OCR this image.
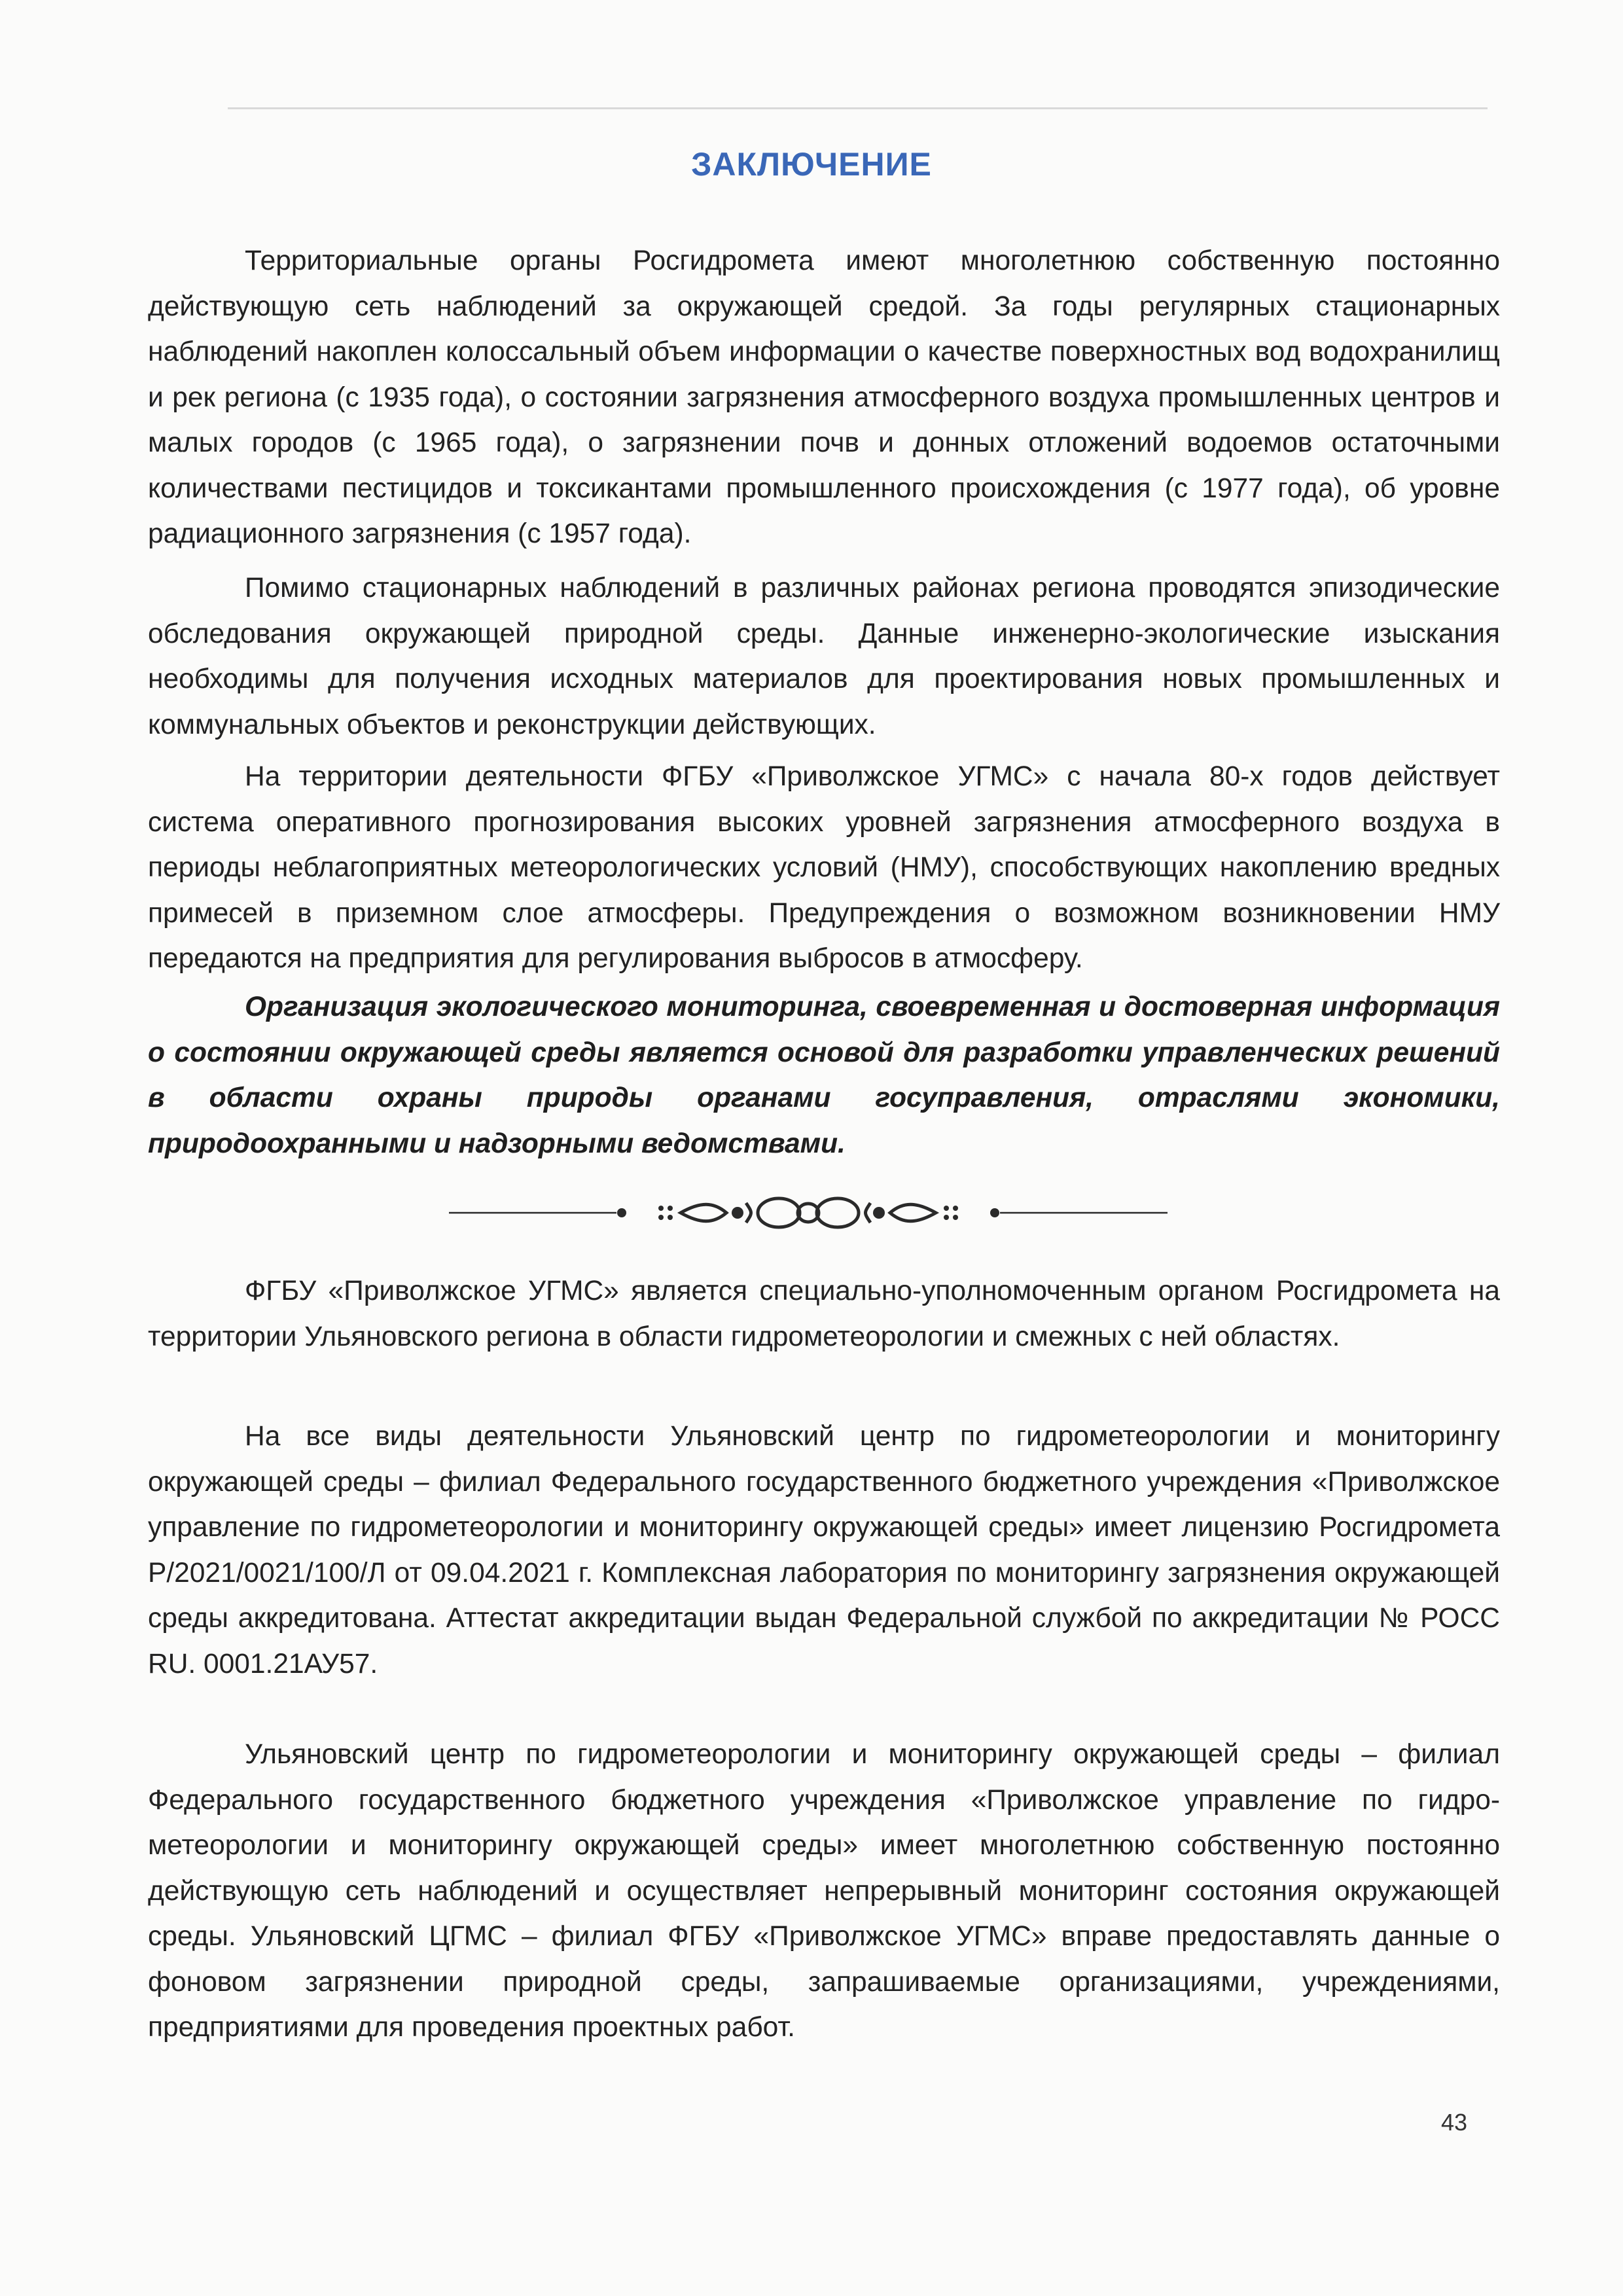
ЗАКЛЮЧЕНИЕ

Территориальные органы Росгидромета имеют многолетнюю собственную постоянно действующую сеть наблюдений за окружающей средой. За годы регулярных стационарных наблюдений накоплен колоссальный объем информации о качестве поверхностных вод водохранилищ и рек региона (с 1935 года), о состоянии загрязнения атмосферного воздуха промышленных центров и малых городов (с 1965 года), о загрязнении почв и донных отложений водоемов остаточными количествами пестицидов и токсикантами промышленного происхождения (с 1977 года), об уровне радиационного загрязнения (с 1957 года).

Помимо стационарных наблюдений в различных районах региона проводятся эпизодические обследования окружающей природной среды. Данные инженерно-экологические изыскания необходимы для получения исходных материалов для проектирования новых промышленных и коммунальных объектов и реконструкции действующих.

На территории деятельности ФГБУ «Приволжское УГМС» с начала 80-х годов действует система оперативного прогнозирования высоких уровней загрязнения атмосферного воздуха в периоды неблагоприятных метеорологических условий (НМУ), способствующих накоплению вредных примесей в приземном слое атмосферы. Предупреждения о возможном возникновении НМУ передаются на предприятия для регулирования выбросов в атмосферу.

Организация экологического мониторинга, своевременная и достоверная информация о состоянии окружающей среды является основой для разработки управленческих решений в области охраны природы органами госуправления, отраслями экономики, природоохранными и надзорными ведомствами.

ФГБУ «Приволжское УГМС» является специально-уполномоченным органом Росгидромета на территории Ульяновского региона в области гидрометеорологии и смежных с ней областях.

На все виды деятельности Ульяновский центр по гидрометеорологии и мониторингу окружающей среды – филиал Федерального государственного бюджетного учреждения «Приволжское управление по гидрометеорологии и мониторингу окружающей среды» имеет лицензию Росгидромета Р/2021/0021/100/Л от 09.04.2021 г. Комплексная лаборатория по мониторингу загрязнения окружающей среды аккредитована. Аттестат аккредитации выдан Федеральной службой по аккредитации № РОСС RU. 0001.21АУ57.

Ульяновский центр по гидрометеорологии и мониторингу окружающей среды – филиал Федерального государственного бюджетного учреждения «Приволжское управление по гидрометеорологии и мониторингу окружающей среды» имеет многолетнюю собственную постоянно действующую сеть наблюдений и осуществляет непрерывный мониторинг состояния окружающей среды. Ульяновский ЦГМС – филиал ФГБУ «Приволжское УГМС» вправе предоставлять данные о фоновом загрязнении природной среды, запрашиваемые организациями, учреждениями, предприятиями для проведения проектных работ.

43
